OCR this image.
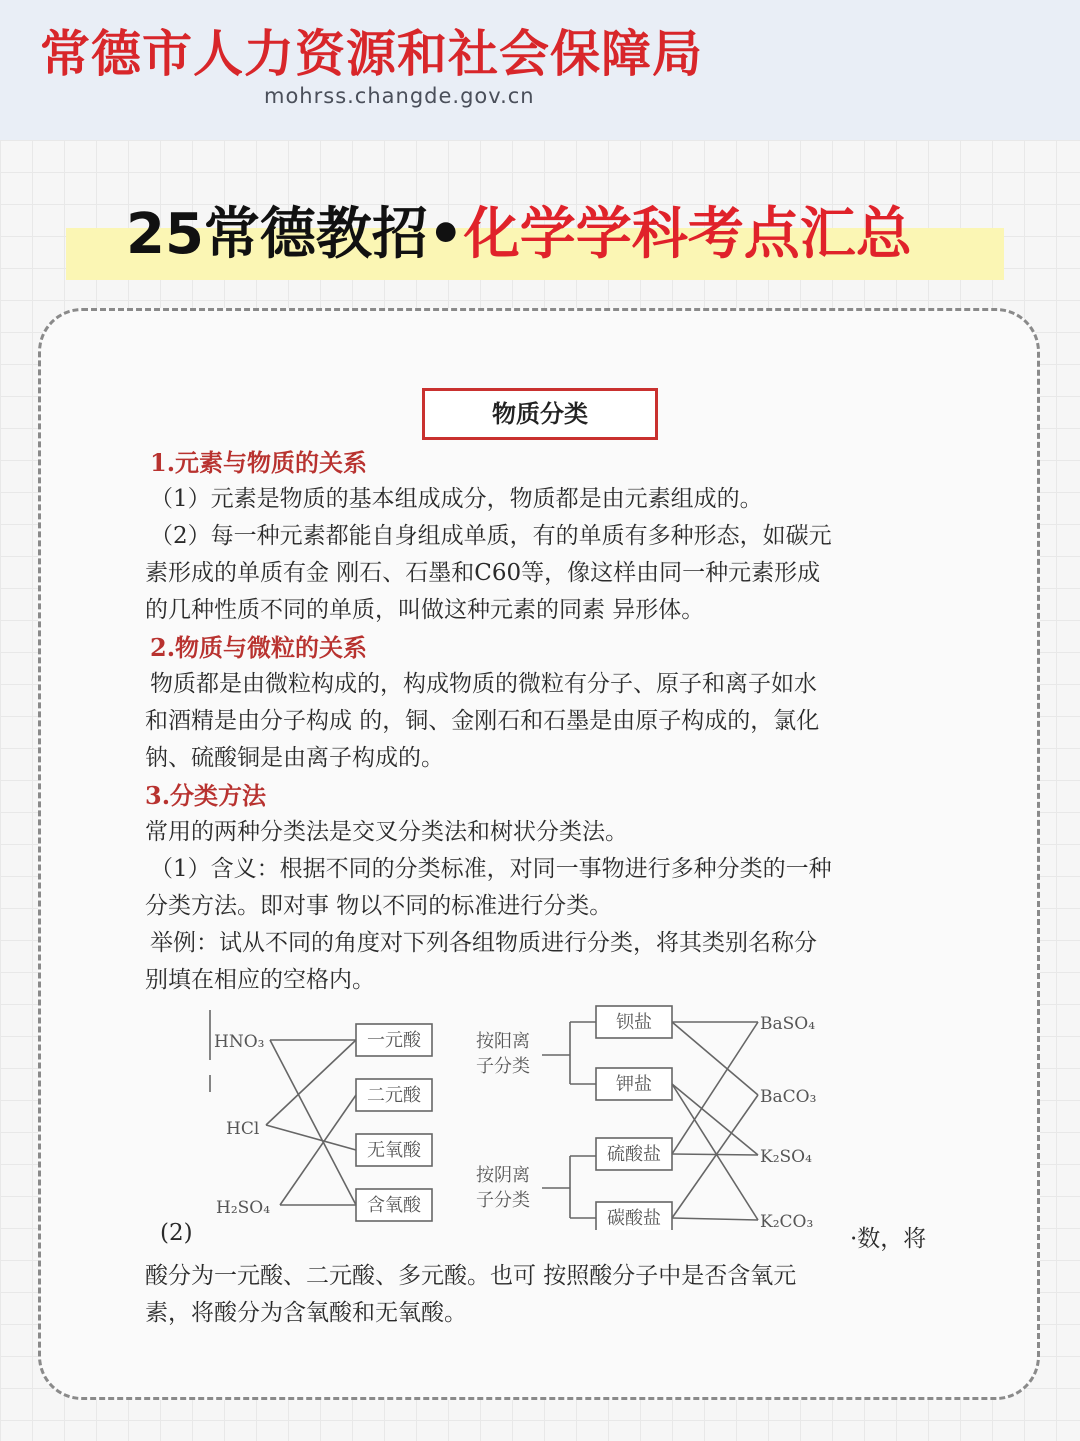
常德市人力资源和社会保障局
mohrss.changde.gov.cn
25常德教招•化学学科考点汇总
物质分类
1.元素与物质的关系
（1）元素是物质的基本组成成分，物质都是由元素组成的。
（2）每一种元素都能自身组成单质，有的单质有多种形态，如碳元
素形成的单质有金 刚石、石墨和C60等，像这样由同一种元素形成
的几种性质不同的单质，叫做这种元素的同素 异形体。
2.物质与微粒的关系
物质都是由微粒构成的，构成物质的微粒有分子、原子和离子如水
和酒精是由分子构成 的，铜、金刚石和石墨是由原子构成的，氯化
钠、硫酸铜是由离子构成的。
3.分类方法
常用的两种分类法是交叉分类法和树状分类法。
（1）含义：根据不同的分类标准，对同一事物进行多种分类的一种
分类方法。即对事 物以不同的标准进行分类。
举例：试从不同的角度对下列各组物质进行分类，将其类别名称分
别填在相应的空格内。
HNO₃
HCl
H₂SO₄
一元酸
二元酸
无氧酸
含氧酸
按阳离
子分类
按阴离
子分类
钡盐
钾盐
硫酸盐
碳酸盐
BaSO₄
BaCO₃
K₂SO₄
K₂CO₃
(2)	·数，将
酸分为一元酸、二元酸、多元酸。也可 按照酸分子中是否含氧元
素，将酸分为含氧酸和无氧酸。
